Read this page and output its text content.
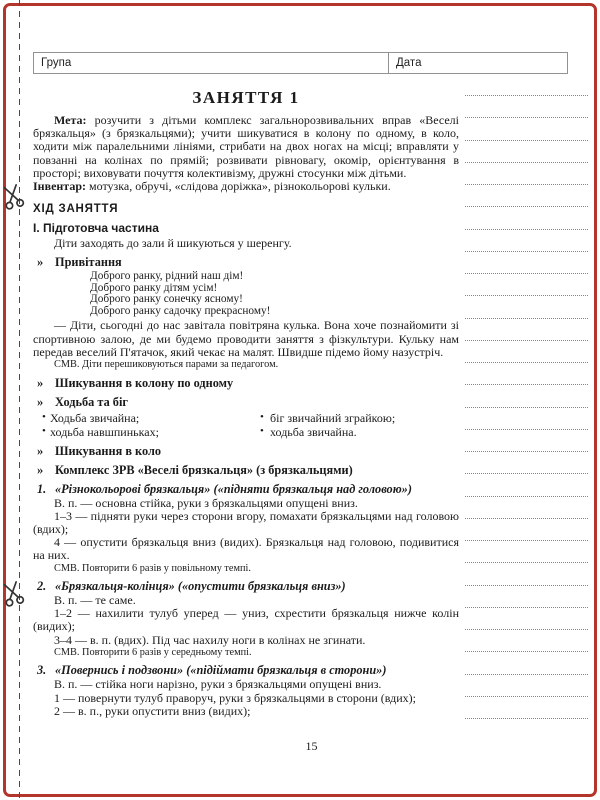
Група	Дата
ЗАНЯТТЯ 1

Мета: розучити з дітьми комплекс загальнорозвивальних вправ «Веселі брязкальця» (з брязкальцями); учити шикуватися в колону по одному, в коло, ходити між паралельними лініями, стрибати на двох ногах на місці; вправляти у повзанні на колінах по прямій; розвивати рівновагу, окомір, орієнтування в просторі; виховувати почуття колективізму, дружні стосунки між дітьми.

Інвентар: мотузка, обручі, «слідова доріжка», різнокольорові кульки.

ХІД ЗАНЯТТЯ
І. Підготовча частина

Діти заходять до зали й шикуються у шеренгу.

» Привітання
Доброго ранку, рідний наш дім!
Доброго ранку дітям усім!
Доброго ранку сонечку ясному!
Доброго ранку садочку прекрасному!

— Діти, сьогодні до нас завітала повітряна кулька. Вона хоче познайомити зі спортивною залою, де ми будемо проводити заняття з фізкультури. Кульку нам передав веселий П'ятачок, який чекає на малят. Швидше підемо йому назустріч.

СМВ. Діти перешиковуються парами за педагогом.

» Шикування в колону по одному
» Ходьба та біг
• Ходьба звичайна;	• біг звичайний зграйкою;
• ходьба навшпиньках;	• ходьба звичайна.
» Шикування в коло
» Комплекс ЗРВ «Веселі брязкальця» (з брязкальцями)
1. «Різнокольорові брязкальця» («підняти брязкальця над головою»)

В. п. — основна стійка, руки з брязкальцями опущені вниз.

1–3 — підняти руки через сторони вгору, помахати брязкальцями над головою (вдих);

4 — опустити брязкальця вниз (видих). Брязкальця над головою, подивитися на них.

СМВ. Повторити 6 разів у повільному темпі.

2. «Брязкальця-колінця» («опустити брязкальця вниз»)

В. п. — те саме.

1–2 — нахилити тулуб уперед — униз, схрестити брязкальця нижче колін (видих);

3–4 — в. п. (вдих). Під час нахилу ноги в колінах не згинати.

СМВ. Повторити 6 разів у середньому темпі.

3. «Повернись і подзвони» («підіймати брязкальця в сторони»)

В. п. — стійка ноги нарізно, руки з брязкальцями опущені вниз.

1 — повернути тулуб праворуч, руки з брязкальцями в сторони (вдих);

2 — в. п., руки опустити вниз (видих);

15
